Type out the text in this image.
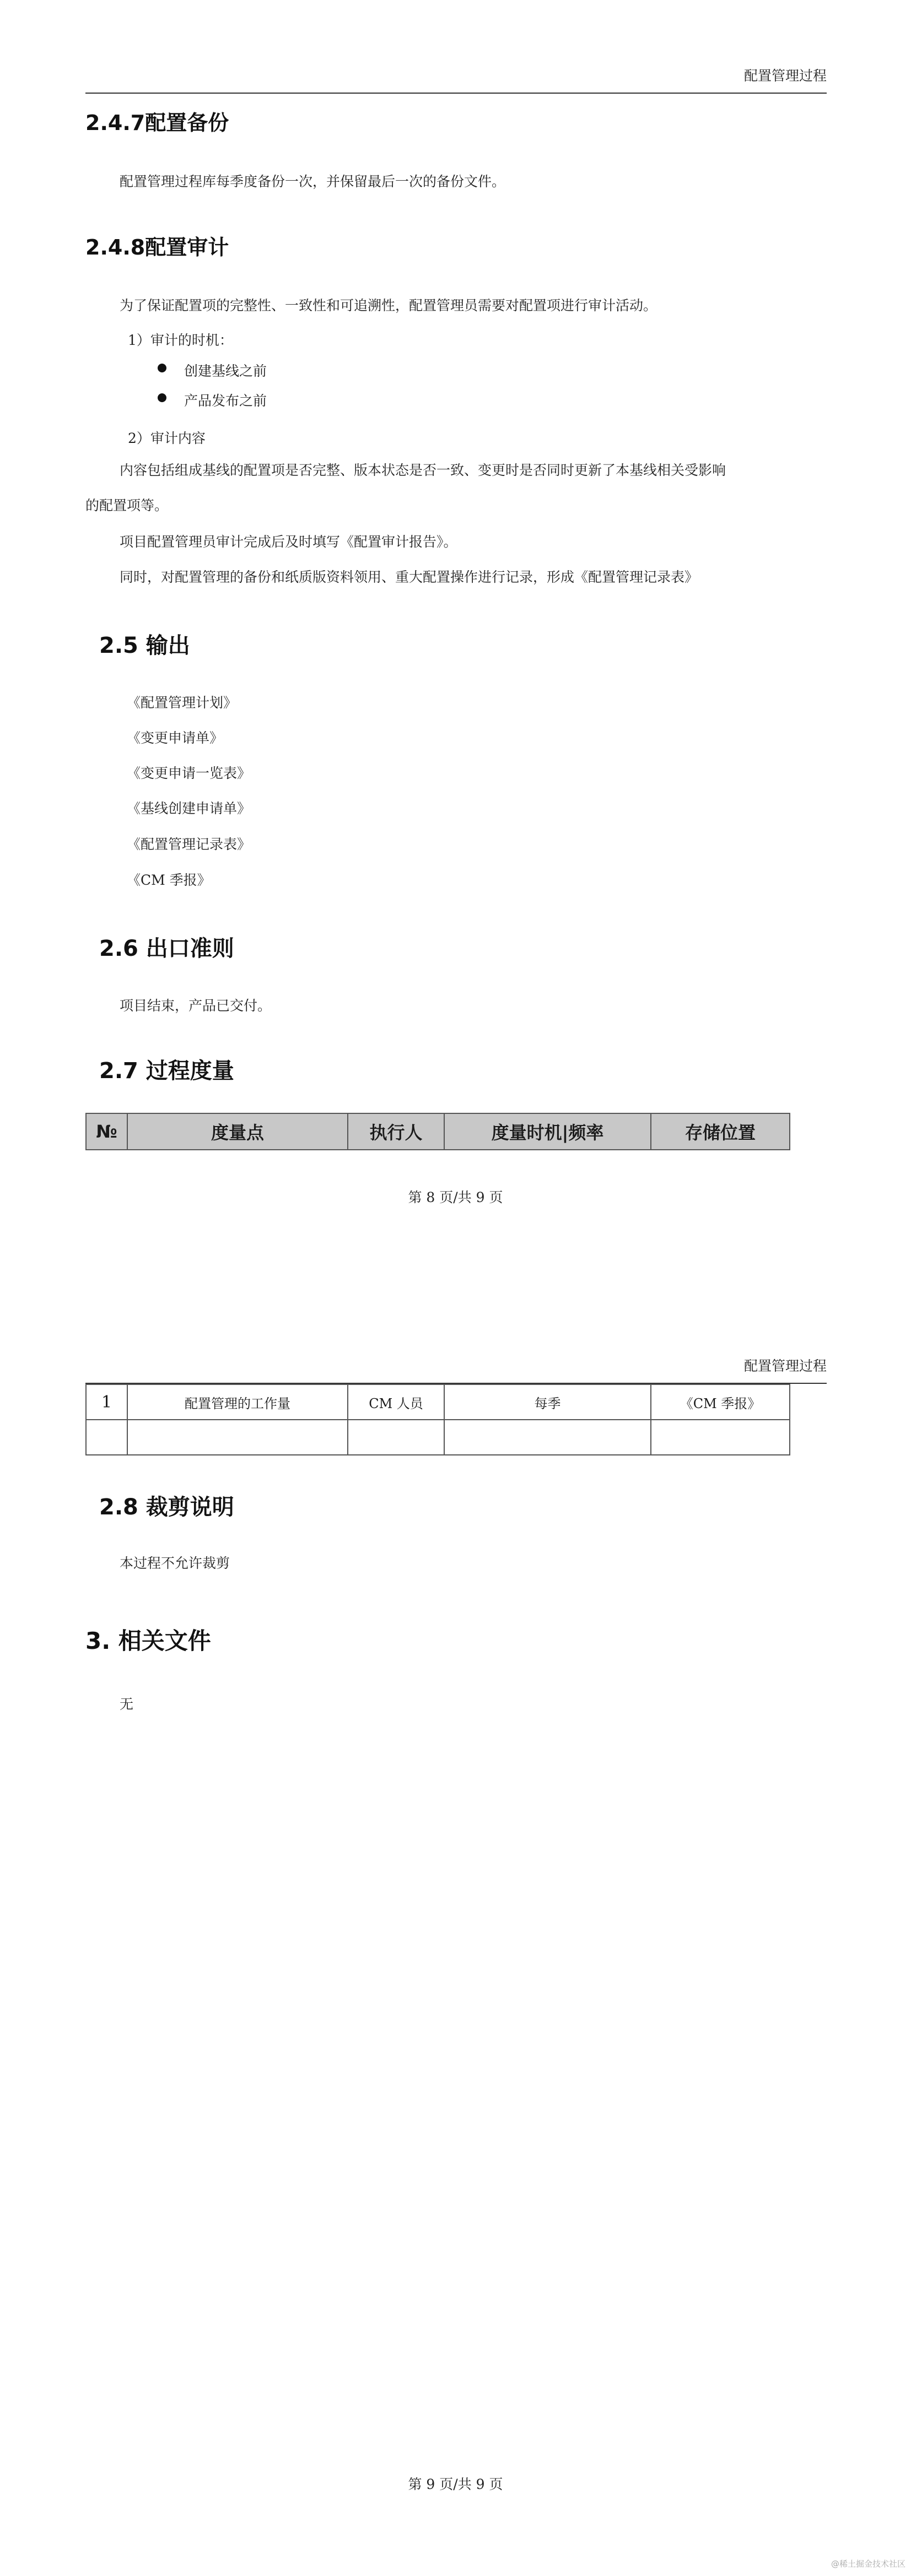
配置管理过程
2.4.7配置备份

配置管理过程库每季度备份一次，并保留最后一次的备份文件。

2.4.8配置审计

为了保证配置项的完整性、一致性和可追溯性，配置管理员需要对配置项进行审计活动。

1）审计的时机：

创建基线之前

产品发布之前

2）审计内容

内容包括组成基线的配置项是否完整、版本状态是否一致、变更时是否同时更新了本基线相关受影响

的配置项等。

项目配置管理员审计完成后及时填写《配置审计报告》。

同时，对配置管理的备份和纸质版资料领用、重大配置操作进行记录，形成《配置管理记录表》

2.5 输出

《配置管理计划》

《变更申请单》

《变更申请一览表》

《基线创建申请单》

《配置管理记录表》

《CM 季报》

2.6 出口准则

项目结束，产品已交付。

2.7 过程度量
№	度量点	执行人	度量时机|频率	存储位置
第 8 页/共 9 页
配置管理过程
1	配置管理的工作量	CM 人员	每季	《CM 季报》

2.8 裁剪说明

本过程不允许裁剪

3. 相关文件

无

第 9 页/共 9 页
@稀土掘金技术社区
